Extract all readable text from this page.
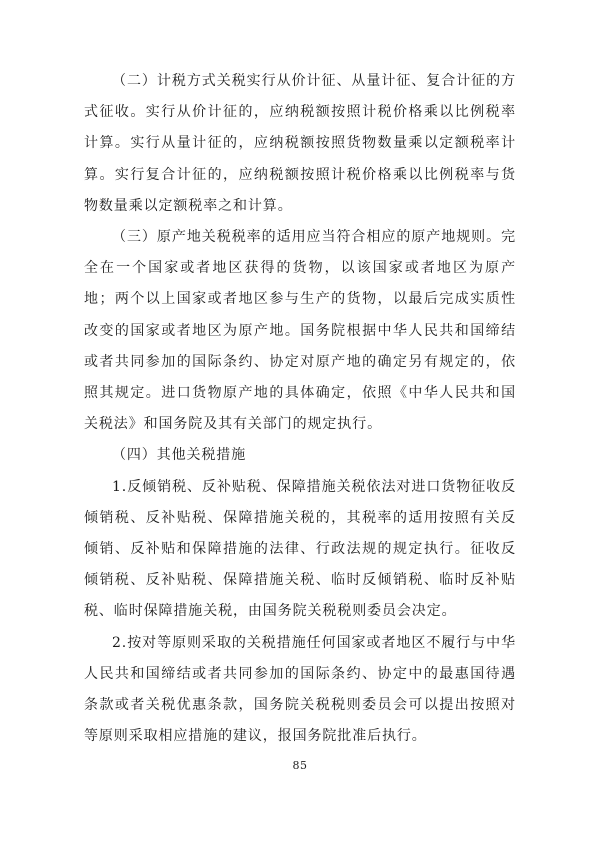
（二）计税方式关税实行从价计征、从量计征、复合计征的方式征收。实行从价计征的，应纳税额按照计税价格乘以比例税率计算。实行从量计征的，应纳税额按照货物数量乘以定额税率计算。实行复合计征的，应纳税额按照计税价格乘以比例税率与货物数量乘以定额税率之和计算。

（三）原产地关税税率的适用应当符合相应的原产地规则。完全在一个国家或者地区获得的货物，以该国家或者地区为原产地；两个以上国家或者地区参与生产的货物，以最后完成实质性改变的国家或者地区为原产地。国务院根据中华人民共和国缔结或者共同参加的国际条约、协定对原产地的确定另有规定的，依照其规定。进口货物原产地的具体确定，依照《中华人民共和国关税法》和国务院及其有关部门的规定执行。

（四）其他关税措施

1.反倾销税、反补贴税、保障措施关税依法对进口货物征收反倾销税、反补贴税、保障措施关税的，其税率的适用按照有关反倾销、反补贴和保障措施的法律、行政法规的规定执行。征收反倾销税、反补贴税、保障措施关税、临时反倾销税、临时反补贴税、临时保障措施关税，由国务院关税税则委员会决定。

2.按对等原则采取的关税措施任何国家或者地区不履行与中华人民共和国缔结或者共同参加的国际条约、协定中的最惠国待遇条款或者关税优惠条款，国务院关税税则委员会可以提出按照对等原则采取相应措施的建议，报国务院批准后执行。

85
